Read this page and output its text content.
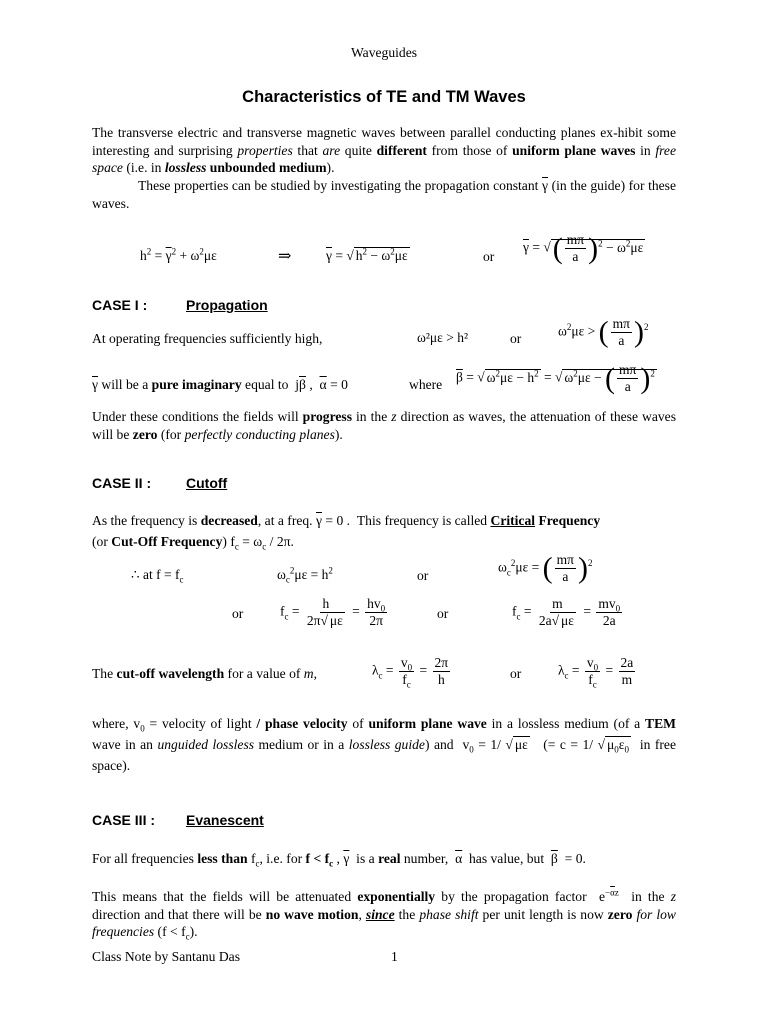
Waveguides
Characteristics of TE and TM Waves
The transverse electric and transverse magnetic waves between parallel conducting planes ex-hibit some interesting and surprising properties that are quite different from those of uniform plane waves in free space (i.e. in lossless unbounded medium).
These properties can be studied by investigating the propagation constant $\overline{\gamma}$ (in the guide) for these waves.
$h^2 = \overline{\gamma}^2 + \omega^2\mu\varepsilon$	⇒	$\overline{\gamma}$ = √ $h^2 - \omega^2\mu\varepsilon$	or
$\overline{\gamma}$ = √( $\frac{m\pi}{a} )^2 - \omega^2\mu\varepsilon$
CASE I :	Propagation
At operating frequencies sufficiently high,	ω²με > h²	or	$\omega^2\mu\varepsilon$ > ( $\frac{m\pi}{a} )^2$
$\overline{\gamma}$ will be a pure imaginary equal to  $j\overline{\beta}$ ,  $\overline{\alpha} = 0$	where $\overline{\beta}$ = √ $\omega^2\mu\varepsilon - h^2$ = √ $\omega^2\mu\varepsilon$ − ( $\frac{m\pi}{a} )^2$
Under these conditions the fields will progress in the z direction as waves, the attenuation of these waves will be zero (for perfectly conducting planes).
CASE II : Cutoff
As the frequency is decreased, at a freq. $\overline{\gamma} = 0$ .  This frequency is called Critical Frequency
(or Cut-Off Frequency) $f_c = \omega_c / 2\pi$.
∴ at $f = f_c$	$\omega_c^2\mu\varepsilon = h^2$	or
$\omega_c^2\mu\varepsilon$ = ( $\frac{m\pi}{a} )^2$
or	$f_c = \frac{h}{2\pi√ \mu\varepsilon} = \frac{hv_0}{2\pi}$	or	$f_c = \frac{m}{2a√ \mu\varepsilon} = \frac{mv_0}{2a}$
The cut-off wavelength for a value of m,	$\lambda_c = \frac{v_0}{f_c} = \frac{2\pi}{h}$	or	$\lambda_c = \frac{v_0}{f_c} = \frac{2a}{m}$
where, $v_0$ = velocity of light / phase velocity of uniform plane wave in a lossless medium (of a TEM wave in an unguided lossless medium or in a lossless guide) and  $v_0 = 1/$ √ με (= c = 1/ √ $\mu_0\varepsilon_0$ in free space).
CASE III : Evanescent
For all frequencies less than $f_c$, i.e. for $f < f_c$ , $\overline{\gamma}$ is a real number, $\overline{\alpha}$ has value, but $\overline{\beta} = 0$.
This means that the fields will be attenuated exponentially by the propagation factor  $e^{-\overline{\alpha}z}$ in the z direction and that there will be no wave motion, since the phase shift per unit length is now zero for low frequencies $(f < f_c)$.
Class Note by Santanu Das	1
